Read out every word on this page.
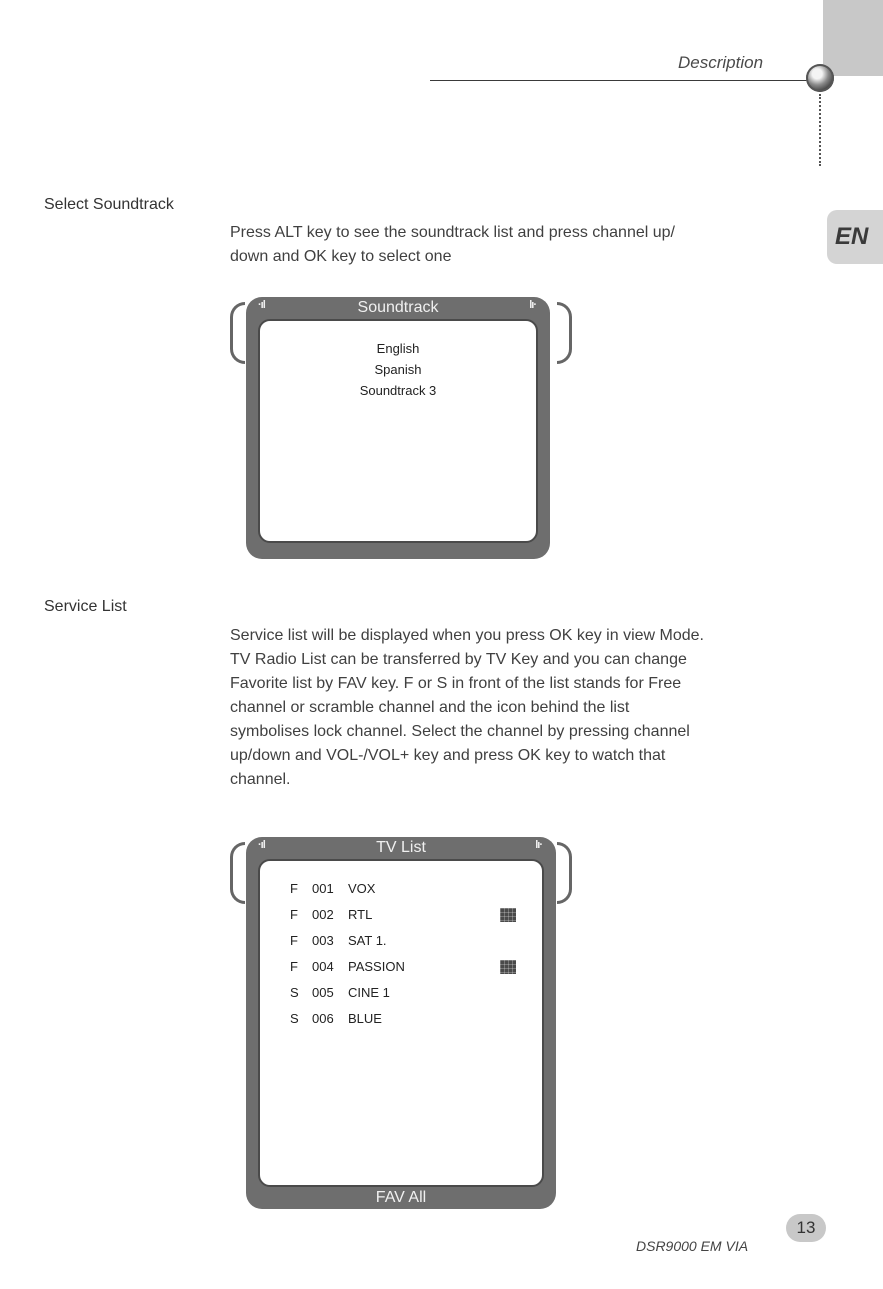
Description
EN
Select Soundtrack
Press ALT key to see the soundtrack list and press channel up/
down and OK key to select one
·ıl	Soundtrack	lı·
English
Spanish
Soundtrack 3
Service List
Service list will be displayed when you press OK key in view Mode.
TV Radio List can be transferred by TV Key and you can change
Favorite list by FAV key. F or S in front of the list stands for Free
channel or scramble channel and the icon behind the list
symbolises lock channel. Select the channel by pressing channel
up/down and VOL-/VOL+ key and press OK key to watch that
channel.
·ıl	TV List	lı·
F 001 VOX
F 002 RTL
F 003 SAT 1.
F 004 PASSION
S 005 CINE 1
S 006 BLUE
FAV All
DSR9000 EM VIA
13
